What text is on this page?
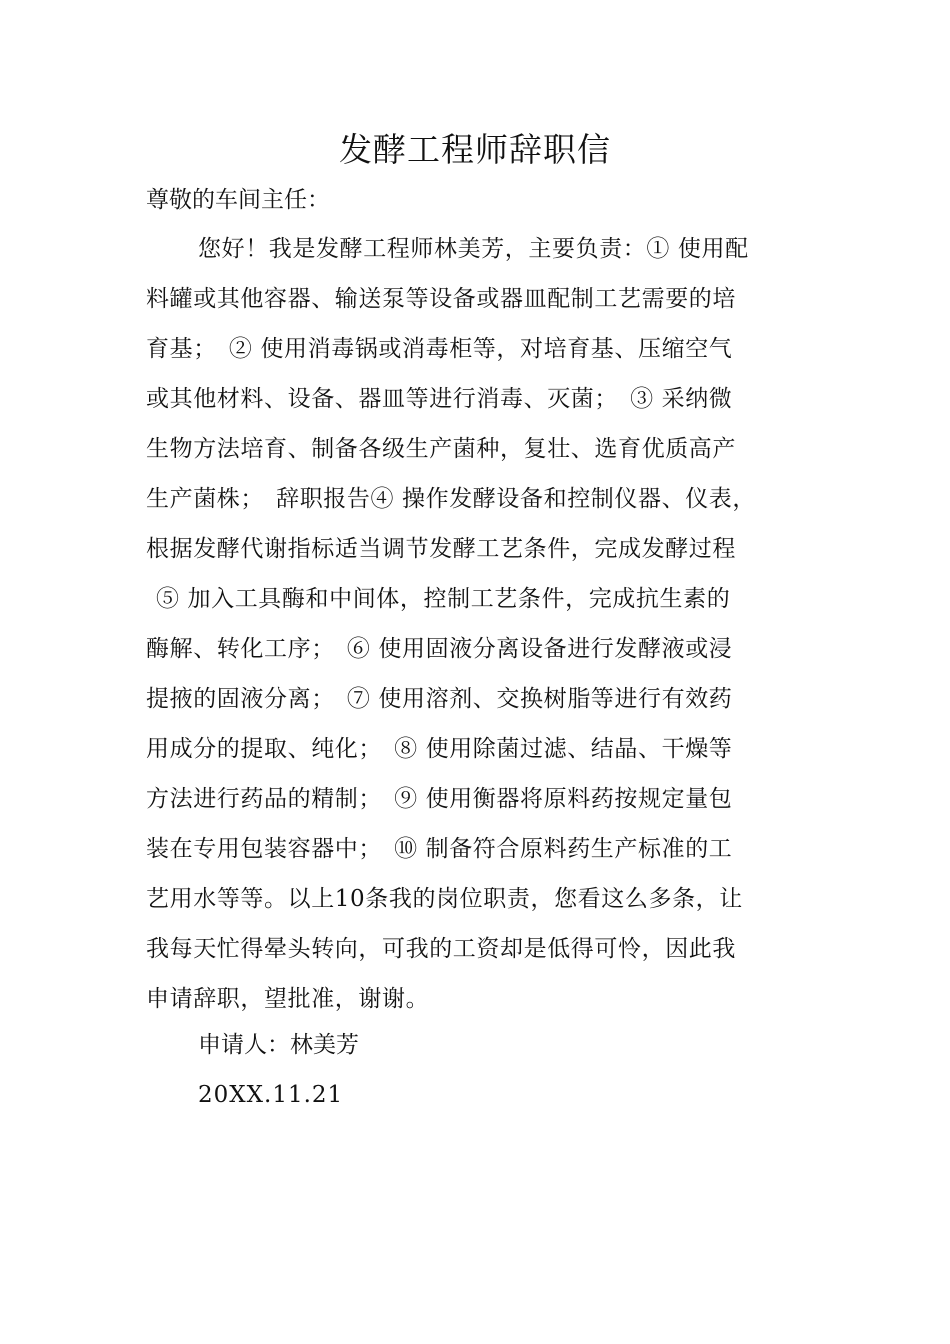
发酵工程师辞职信

尊敬的车间主任：

您好！我是发酵工程师林美芳，主要负责：① 使用配
料罐或其他容器、输送泵等设备或器皿配制工艺需要的培
育基；　② 使用消毒锅或消毒柜等，对培育基、压缩空气
或其他材料、设备、器皿等进行消毒、灭菌；　③ 采纳微
生物方法培育、制备各级生产菌种，复壮、选育优质高产
生产菌株；　辞职报告④ 操作发酵设备和控制仪器、仪表，
根据发酵代谢指标适当调节发酵工艺条件，完成发酵过程
⑤ 加入工具酶和中间体，控制工艺条件，完成抗生素的
酶解、转化工序；　⑥ 使用固液分离设备进行发酵液或浸
提掖的固液分离；　⑦ 使用溶剂、交换树脂等进行有效药
用成分的提取、纯化；　⑧ 使用除菌过滤、结晶、干燥等
方法进行药品的精制；　⑨ 使用衡器将原料药按规定量包
装在专用包装容器中；　⑩ 制备符合原料药生产标准的工
艺用水等等。以上10条我的岗位职责，您看这么多条，让
我每天忙得晕头转向，可我的工资却是低得可怜，因此我
申请辞职，望批准，谢谢。

申请人：林美芳

20XX.11.21
